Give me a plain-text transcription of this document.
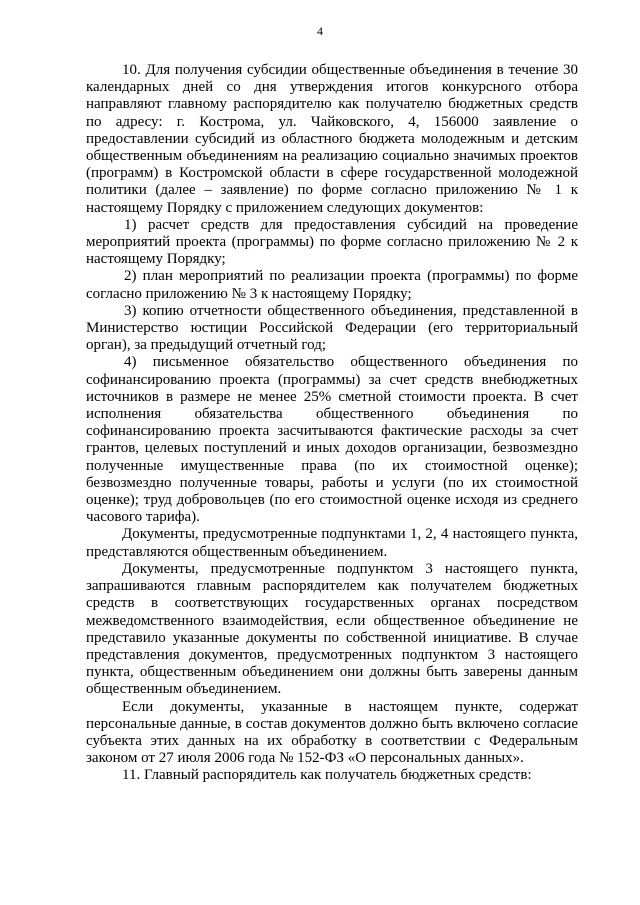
4

10. Для получения субсидии общественные объединения в течение 30 календарных дней со дня утверждения итогов конкурсного отбора направляют главному распорядителю как получателю бюджетных средств по адресу: г. Кострома, ул. Чайковского, 4, 156000 заявление о предоставлении субсидий из областного бюджета молодежным и детским общественным объединениям на реализацию социально значимых проектов (программ) в Костромской области в сфере государственной молодежной политики (далее – заявление) по форме согласно приложению № 1 к настоящему Порядку с приложением следующих документов:

1) расчет средств для предоставления субсидий на проведение мероприятий проекта (программы) по форме согласно приложению № 2 к настоящему Порядку;

2) план мероприятий по реализации проекта (программы) по форме согласно приложению № 3 к настоящему Порядку;

3) копию отчетности общественного объединения, представленной в Министерство юстиции Российской Федерации (его территориальный орган), за предыдущий отчетный год;

4) письменное обязательство общественного объединения по софинансированию проекта (программы) за счет средств внебюджетных источников в размере не менее 25% сметной стоимости проекта. В счет исполнения обязательства общественного объединения по софинансированию проекта засчитываются фактические расходы за счет грантов, целевых поступлений и иных доходов организации, безвозмездно полученные имущественные права (по их стоимостной оценке); безвозмездно полученные товары, работы и услуги (по их стоимостной оценке); труд добровольцев (по его стоимостной оценке исходя из среднего часового тарифа).

Документы, предусмотренные подпунктами 1, 2, 4 настоящего пункта, представляются общественным объединением.

Документы, предусмотренные подпунктом 3 настоящего пункта, запрашиваются главным распорядителем как получателем бюджетных средств в соответствующих государственных органах посредством межведомственного взаимодействия, если общественное объединение не представило указанные документы по собственной инициативе. В случае представления документов, предусмотренных подпунктом 3 настоящего пункта, общественным объединением они должны быть заверены данным общественным объединением.

Если документы, указанные в настоящем пункте, содержат персональные данные, в состав документов должно быть включено согласие субъекта этих данных на их обработку в соответствии с Федеральным законом от 27 июля 2006 года № 152-ФЗ «О персональных данных».

11. Главный распорядитель как получатель бюджетных средств:
